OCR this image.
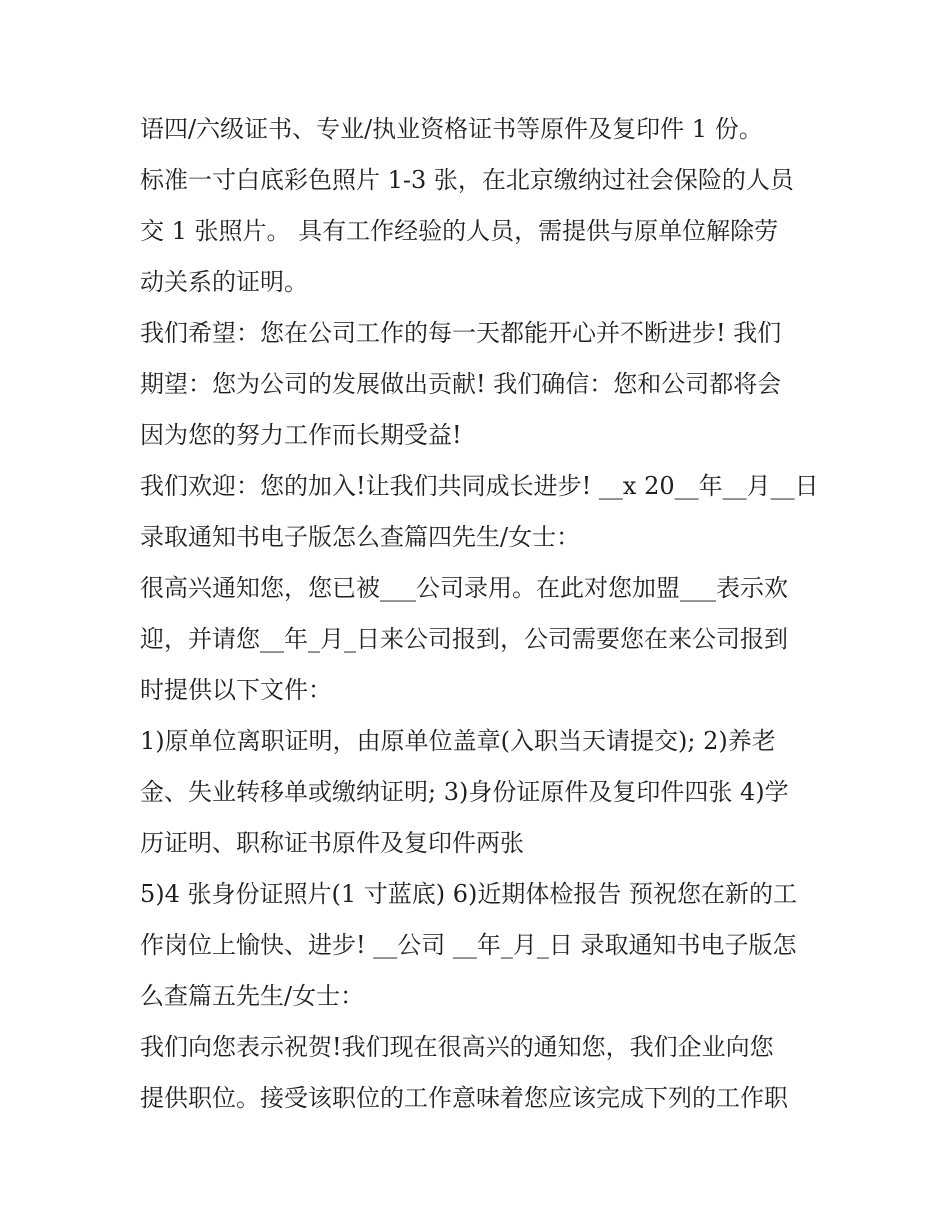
语四/六级证书、专业/执业资格证书等原件及复印件 1 份。
标准一寸白底彩色照片 1-3 张，在北京缴纳过社会保险的人员
交 1 张照片。 具有工作经验的人员，需提供与原单位解除劳
动关系的证明。
我们希望：您在公司工作的每一天都能开心并不断进步! 我们
期望：您为公司的发展做出贡献! 我们确信：您和公司都将会
因为您的努力工作而长期受益!
我们欢迎：您的加入!让我们共同成长进步! __x 20__年__月__日
录取通知书电子版怎么查篇四先生/女士：
很高兴通知您，您已被___公司录用。在此对您加盟___表示欢
迎，并请您__年_月_日来公司报到，公司需要您在来公司报到
时提供以下文件：
1)原单位离职证明，由原单位盖章(入职当天请提交); 2)养老
金、失业转移单或缴纳证明; 3)身份证原件及复印件四张 4)学
历证明、职称证书原件及复印件两张
5)4 张身份证照片(1 寸蓝底) 6)近期体检报告 预祝您在新的工
作岗位上愉快、进步! __公司 __年_月_日 录取通知书电子版怎
么查篇五先生/女士：
我们向您表示祝贺!我们现在很高兴的通知您，我们企业向您
提供职位。接受该职位的工作意味着您应该完成下列的工作职
